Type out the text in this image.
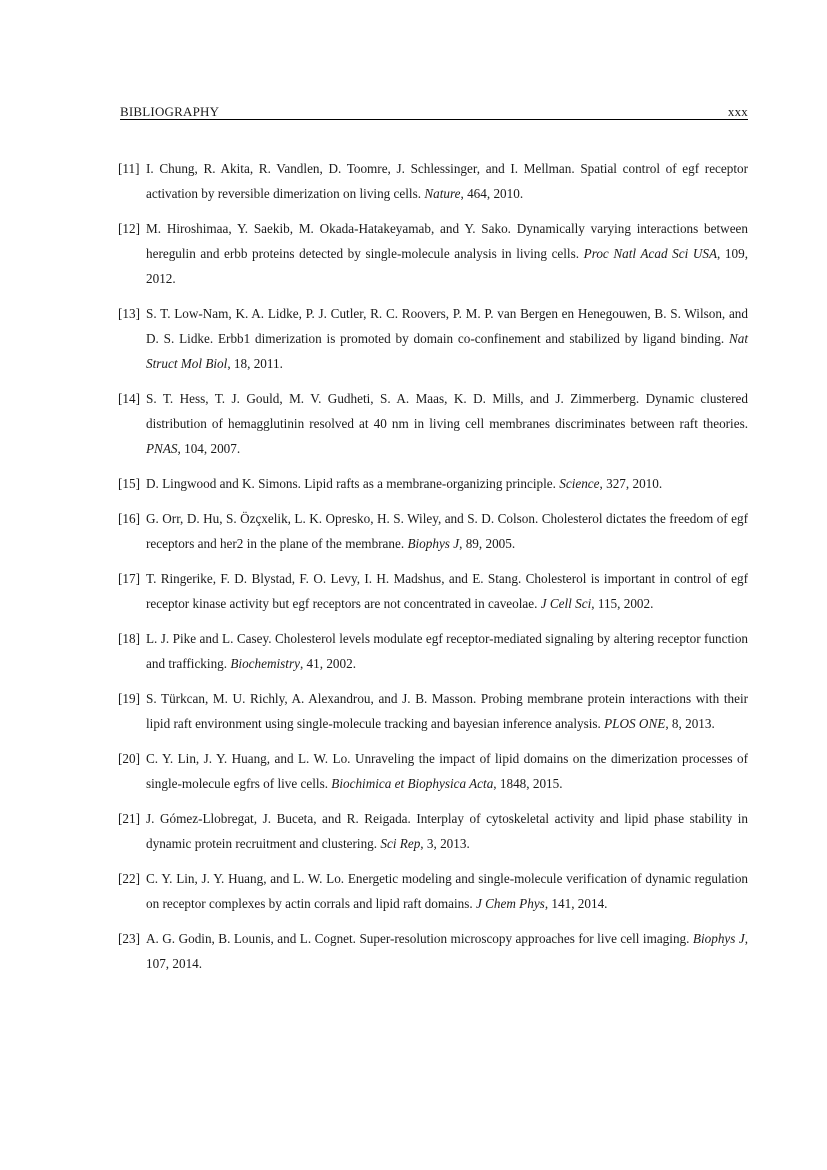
BIBLIOGRAPHY	xxx
[11] I. Chung, R. Akita, R. Vandlen, D. Toomre, J. Schlessinger, and I. Mellman. Spatial control of egf receptor activation by reversible dimerization on living cells. Nature, 464, 2010.
[12] M. Hiroshimaa, Y. Saekib, M. Okada-Hatakeyamab, and Y. Sako. Dynamically varying interactions between heregulin and erbb proteins detected by single-molecule analysis in living cells. Proc Natl Acad Sci USA, 109, 2012.
[13] S. T. Low-Nam, K. A. Lidke, P. J. Cutler, R. C. Roovers, P. M. P. van Bergen en Henegouwen, B. S. Wilson, and D. S. Lidke. Erbb1 dimerization is promoted by domain co-confinement and stabilized by ligand binding. Nat Struct Mol Biol, 18, 2011.
[14] S. T. Hess, T. J. Gould, M. V. Gudheti, S. A. Maas, K. D. Mills, and J. Zimmerberg. Dynamic clustered distribution of hemagglutinin resolved at 40 nm in living cell membranes discriminates between raft theories. PNAS, 104, 2007.
[15] D. Lingwood and K. Simons. Lipid rafts as a membrane-organizing principle. Science, 327, 2010.
[16] G. Orr, D. Hu, S. Özçxelik, L. K. Opresko, H. S. Wiley, and S. D. Colson. Cholesterol dictates the freedom of egf receptors and her2 in the plane of the membrane. Biophys J, 89, 2005.
[17] T. Ringerike, F. D. Blystad, F. O. Levy, I. H. Madshus, and E. Stang. Cholesterol is important in control of egf receptor kinase activity but egf receptors are not concentrated in caveolae. J Cell Sci, 115, 2002.
[18] L. J. Pike and L. Casey. Cholesterol levels modulate egf receptor-mediated signaling by altering receptor function and trafficking. Biochemistry, 41, 2002.
[19] S. Türkcan, M. U. Richly, A. Alexandrou, and J. B. Masson. Probing membrane protein interactions with their lipid raft environment using single-molecule tracking and bayesian inference analysis. PLOS ONE, 8, 2013.
[20] C. Y. Lin, J. Y. Huang, and L. W. Lo. Unraveling the impact of lipid domains on the dimerization processes of single-molecule egfrs of live cells. Biochimica et Biophysica Acta, 1848, 2015.
[21] J. Gómez-Llobregat, J. Buceta, and R. Reigada. Interplay of cytoskeletal activity and lipid phase stability in dynamic protein recruitment and clustering. Sci Rep, 3, 2013.
[22] C. Y. Lin, J. Y. Huang, and L. W. Lo. Energetic modeling and single-molecule verification of dynamic regulation on receptor complexes by actin corrals and lipid raft domains. J Chem Phys, 141, 2014.
[23] A. G. Godin, B. Lounis, and L. Cognet. Super-resolution microscopy approaches for live cell imaging. Biophys J, 107, 2014.
